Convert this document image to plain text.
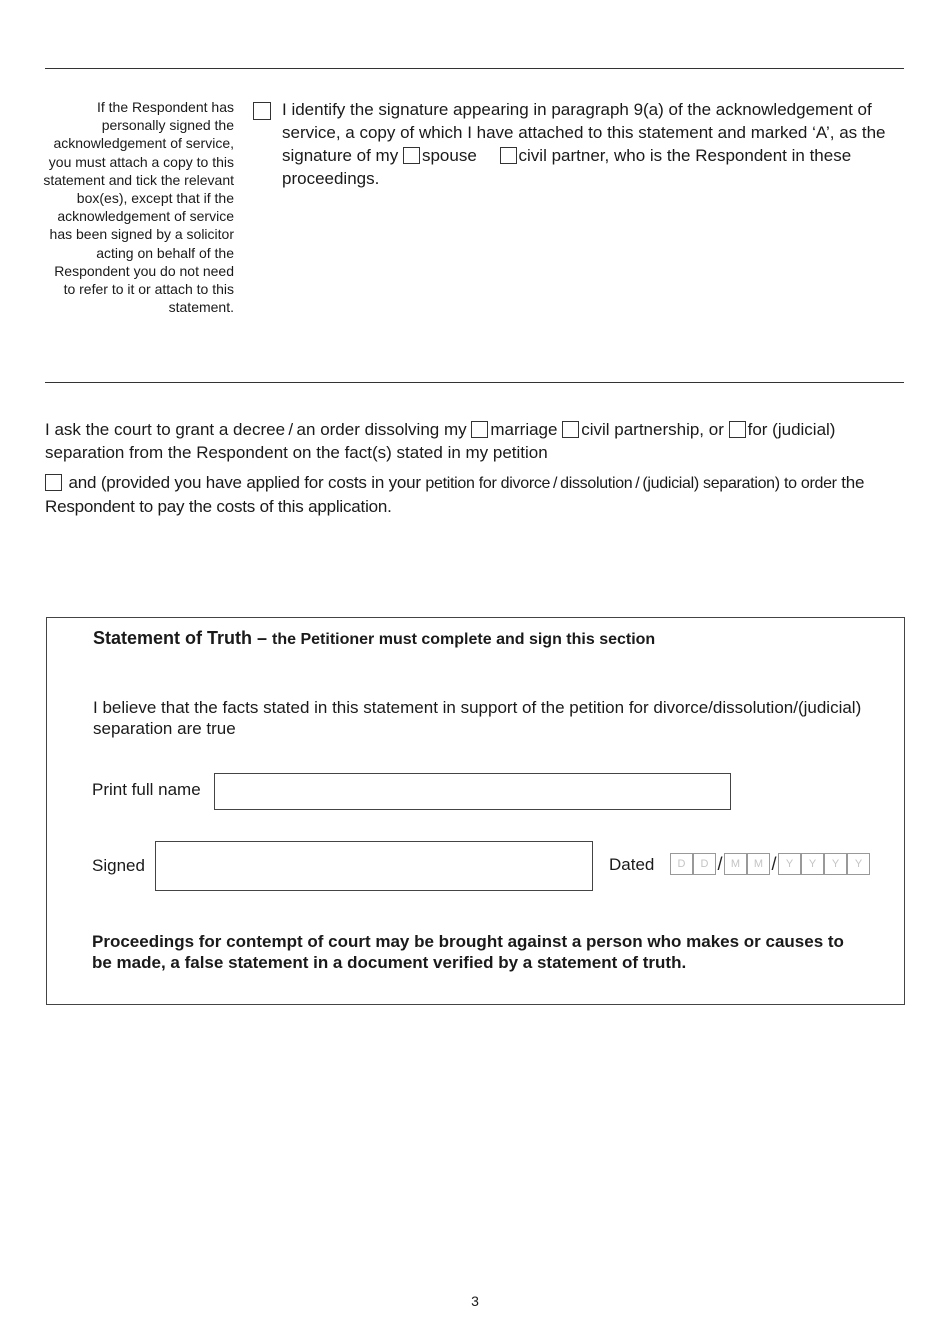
If the Respondent has personally signed the acknowledgement of service, you must attach a copy to this statement and tick the relevant box(es), except that if the acknowledgement of service has been signed by a solicitor acting on behalf of the Respondent you do not need to refer to it or attach to this statement.
I identify the signature appearing in paragraph 9(a) of the acknowledgement of service, a copy of which I have attached to this statement and marked ‘A’, as the signature of my spouse civil partner, who is the Respondent in these proceedings.
I ask the court to grant a decree / an order dissolving my marriage civil partnership, or for (judicial) separation from the Respondent on the fact(s) stated in my petition
and (provided you have applied for costs in your petition for divorce / dissolution / (judicial) separation) to order the Respondent to pay the costs of this application.
Statement of Truth – the Petitioner must complete and sign this section
I believe that the facts stated in this statement in support of the petition for divorce/dissolution/(judicial) separation are true
Print full name
Signed	Dated	D	D / M	M / Y	Y	Y	Y
Proceedings for contempt of court may be brought against a person who makes or causes to be made, a false statement in a document verified by a statement of truth.
3
